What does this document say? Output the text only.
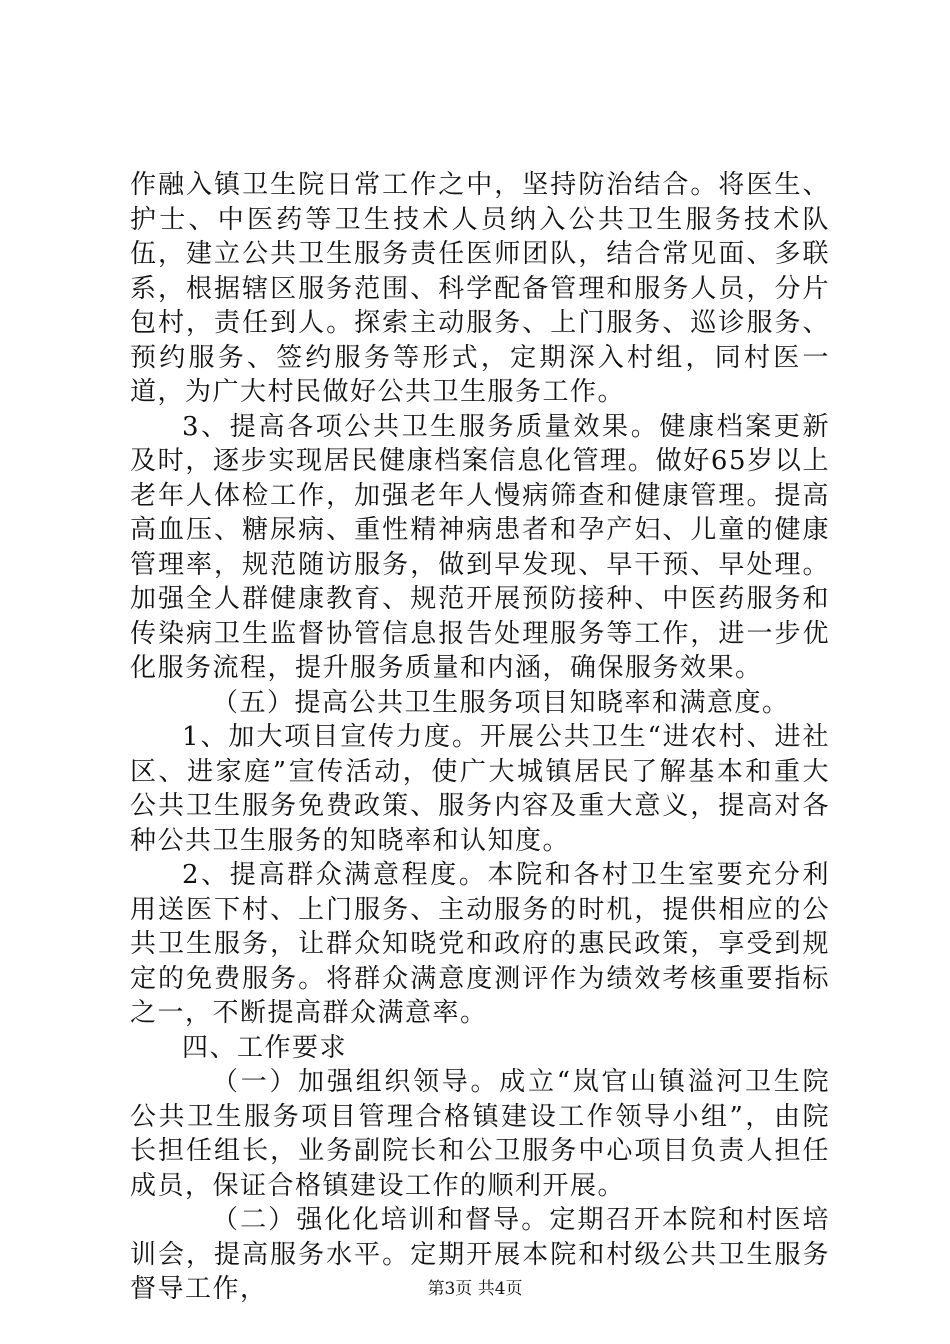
作融入镇卫生院日常工作之中，坚持防治结合。将医生、护士、中医药等卫生技术人员纳入公共卫生服务技术队伍，建立公共卫生服务责任医师团队，结合常见面、多联系，根据辖区服务范围、科学配备管理和服务人员，分片包村，责任到人。探索主动服务、上门服务、巡诊服务、预约服务、签约服务等形式，定期深入村组，同村医一道，为广大村民做好公共卫生服务工作。

3、提高各项公共卫生服务质量效果。健康档案更新及时，逐步实现居民健康档案信息化管理。做好65岁以上老年人体检工作，加强老年人慢病筛查和健康管理。提高高血压、糖尿病、重性精神病患者和孕产妇、儿童的健康管理率，规范随访服务，做到早发现、早干预、早处理。加强全人群健康教育、规范开展预防接种、中医药服务和传染病卫生监督协管信息报告处理服务等工作，进一步优化服务流程，提升服务质量和内涵，确保服务效果。

（五）提高公共卫生服务项目知晓率和满意度。

1、加大项目宣传力度。开展公共卫生“进农村、进社区、进家庭”宣传活动，使广大城镇居民了解基本和重大公共卫生服务免费政策、服务内容及重大意义，提高对各种公共卫生服务的知晓率和认知度。

2、提高群众满意程度。本院和各村卫生室要充分利用送医下村、上门服务、主动服务的时机，提供相应的公共卫生服务，让群众知晓党和政府的惠民政策，享受到规定的免费服务。将群众满意度测评作为绩效考核重要指标之一，不断提高群众满意率。

四、工作要求

（一）加强组织领导。成立“岚官山镇溢河卫生院公共卫生服务项目管理合格镇建设工作领导小组”，由院长担任组长，业务副院长和公卫服务中心项目负责人担任成员，保证合格镇建设工作的顺利开展。

（二）强化化培训和督导。定期召开本院和村医培训会，提高服务水平。定期开展本院和村级公共卫生服务督导工作，	第3页 共4页
